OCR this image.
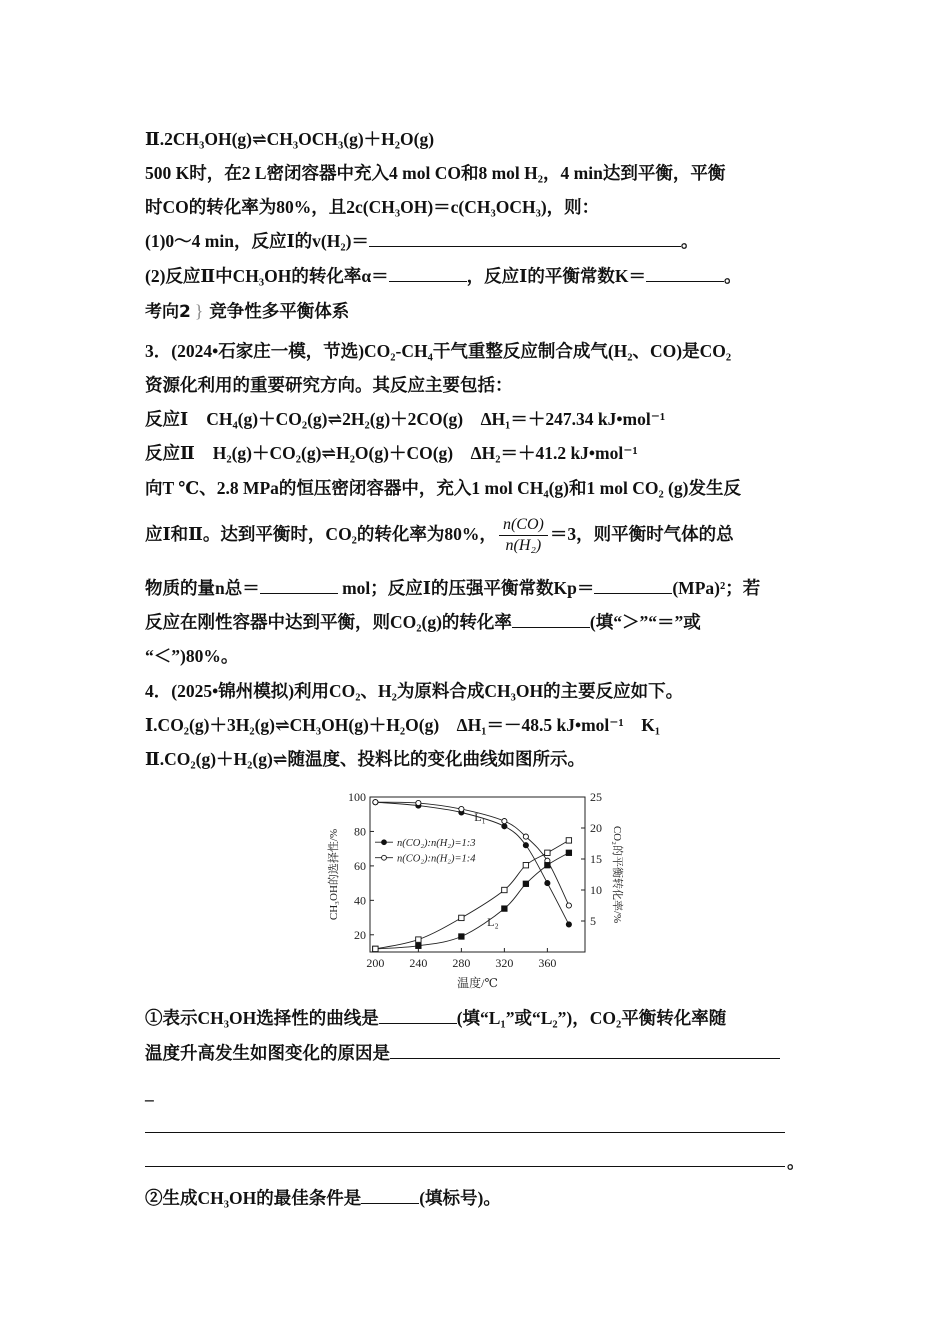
Ⅱ.2CH₃OH(g)⇌CH₃OCH₃(g)＋H₂O(g)
500 K时，在2 L密闭容器中充入4 mol CO和8 mol H₂，4 min达到平衡，平衡
时CO的转化率为80%，且2c(CH₃OH)＝c(CH₃OCH₃)，则：
(1)0～4 min，反应Ⅰ的v(H₂)＝	。
(2)反应Ⅱ中CH₃OH的转化率α＝	，反应Ⅰ的平衡常数K＝	。
考向2 } 竞争性多平衡体系
3．(2024•石家庄一模，节选)CO₂-CH₄干气重整反应制合成气(H₂、CO)是CO₂
资源化利用的重要研究方向。其反应主要包括：
反应Ⅰ CH₄(g)＋CO₂(g)⇌2H₂(g)＋2CO(g)　ΔH₁＝＋247.34 kJ•mol⁻¹
反应Ⅱ H₂(g)＋CO₂(g)⇌H₂O(g)＋CO(g)　ΔH₂＝＋41.2 kJ•mol⁻¹
向T ℃、2.8 MPa的恒压密闭容器中，充入1 mol CH₄(g)和1 mol CO₂ (g)发生反
应Ⅰ和Ⅱ。达到平衡时，CO₂的转化率为80%， $\frac{n(CO)}{\text{n(H₂)}} =3$，则平衡时气体的总
物质的量n总＝	mol；反应Ⅰ的压强平衡常数Kp＝	(MPa)²；若
反应在刚性容器中达到平衡，则CO₂(g)的转化率	(填“＞”“＝”或
“＜”)80%。
4．(2025•锦州模拟)利用CO₂、H₂为原料合成CH₃OH的主要反应如下。
Ⅰ.CO₂(g)＋3H₂(g)⇌CH₃OH(g)＋H₂O(g)　ΔH₁＝－48.5 kJ•mol⁻¹　K₁
Ⅱ.CO₂(g)＋H₂(g)⇌随温度、投料比的变化曲线如图所示。
200 240 280 320 360
20
40
60
80
100
5
10
15
20
25
温度/℃
CH₃OH的选择性/%	CO₂的平衡转化率/%
L₁
L₂
n(CO₂):n(H₂)=1:3
n(CO₂):n(H₂)=1:4
①表示CH₃OH选择性的曲线是	(填“L₁”或“L₂”)，CO₂平衡转化率随
温度升高发生如图变化的原因是
_
。
②生成CH₃OH的最佳条件是	(填标号)。
